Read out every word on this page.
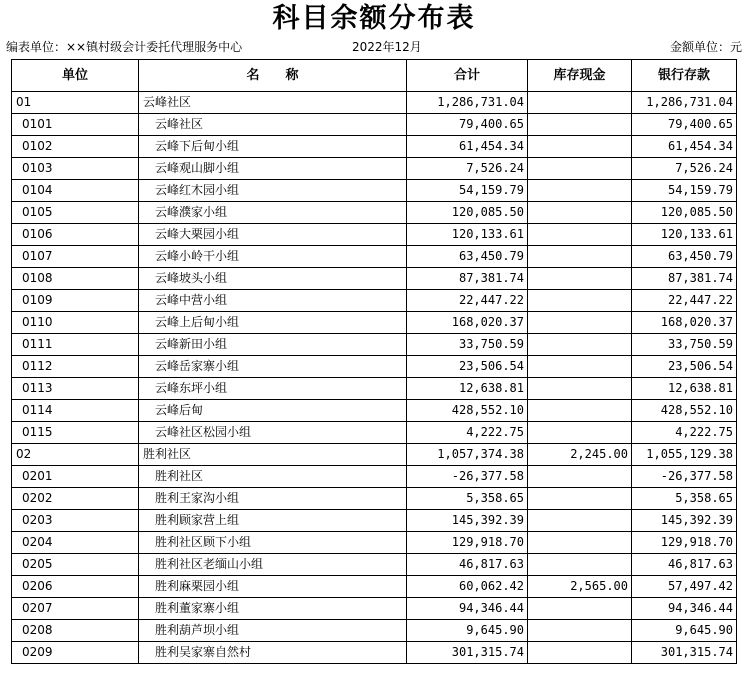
科目余额分布表
编表单位：××镇村级会计委托代理服务中心	2022年12月	金额单位：元
单位	名　　称	合计	库存现金	银行存款
01	云峰社区	1,286,731.04		1,286,731.04
0101	云峰社区	79,400.65		79,400.65
0102	云峰下后甸小组	61,454.34		61,454.34
0103	云峰观山脚小组	7,526.24		7,526.24
0104	云峰红木园小组	54,159.79		54,159.79
0105	云峰濮家小组	120,085.50		120,085.50
0106	云峰大栗园小组	120,133.61		120,133.61
0107	云峰小岭干小组	63,450.79		63,450.79
0108	云峰坡头小组	87,381.74		87,381.74
0109	云峰中营小组	22,447.22		22,447.22
0110	云峰上后甸小组	168,020.37		168,020.37
0111	云峰新田小组	33,750.59		33,750.59
0112	云峰岳家寨小组	23,506.54		23,506.54
0113	云峰东坪小组	12,638.81		12,638.81
0114	云峰后甸	428,552.10		428,552.10
0115	云峰社区松园小组	4,222.75		4,222.75
02	胜利社区	1,057,374.38	2,245.00	1,055,129.38
0201	胜利社区	-26,377.58		-26,377.58
0202	胜利王家沟小组	5,358.65		5,358.65
0203	胜利顾家营上组	145,392.39		145,392.39
0204	胜利社区顾下小组	129,918.70		129,918.70
0205	胜利社区老缅山小组	46,817.63		46,817.63
0206	胜利麻栗园小组	60,062.42	2,565.00	57,497.42
0207	胜利董家寨小组	94,346.44		94,346.44
0208	胜利葫芦坝小组	9,645.90		9,645.90
0209	胜利吴家寨自然村	301,315.74		301,315.74
